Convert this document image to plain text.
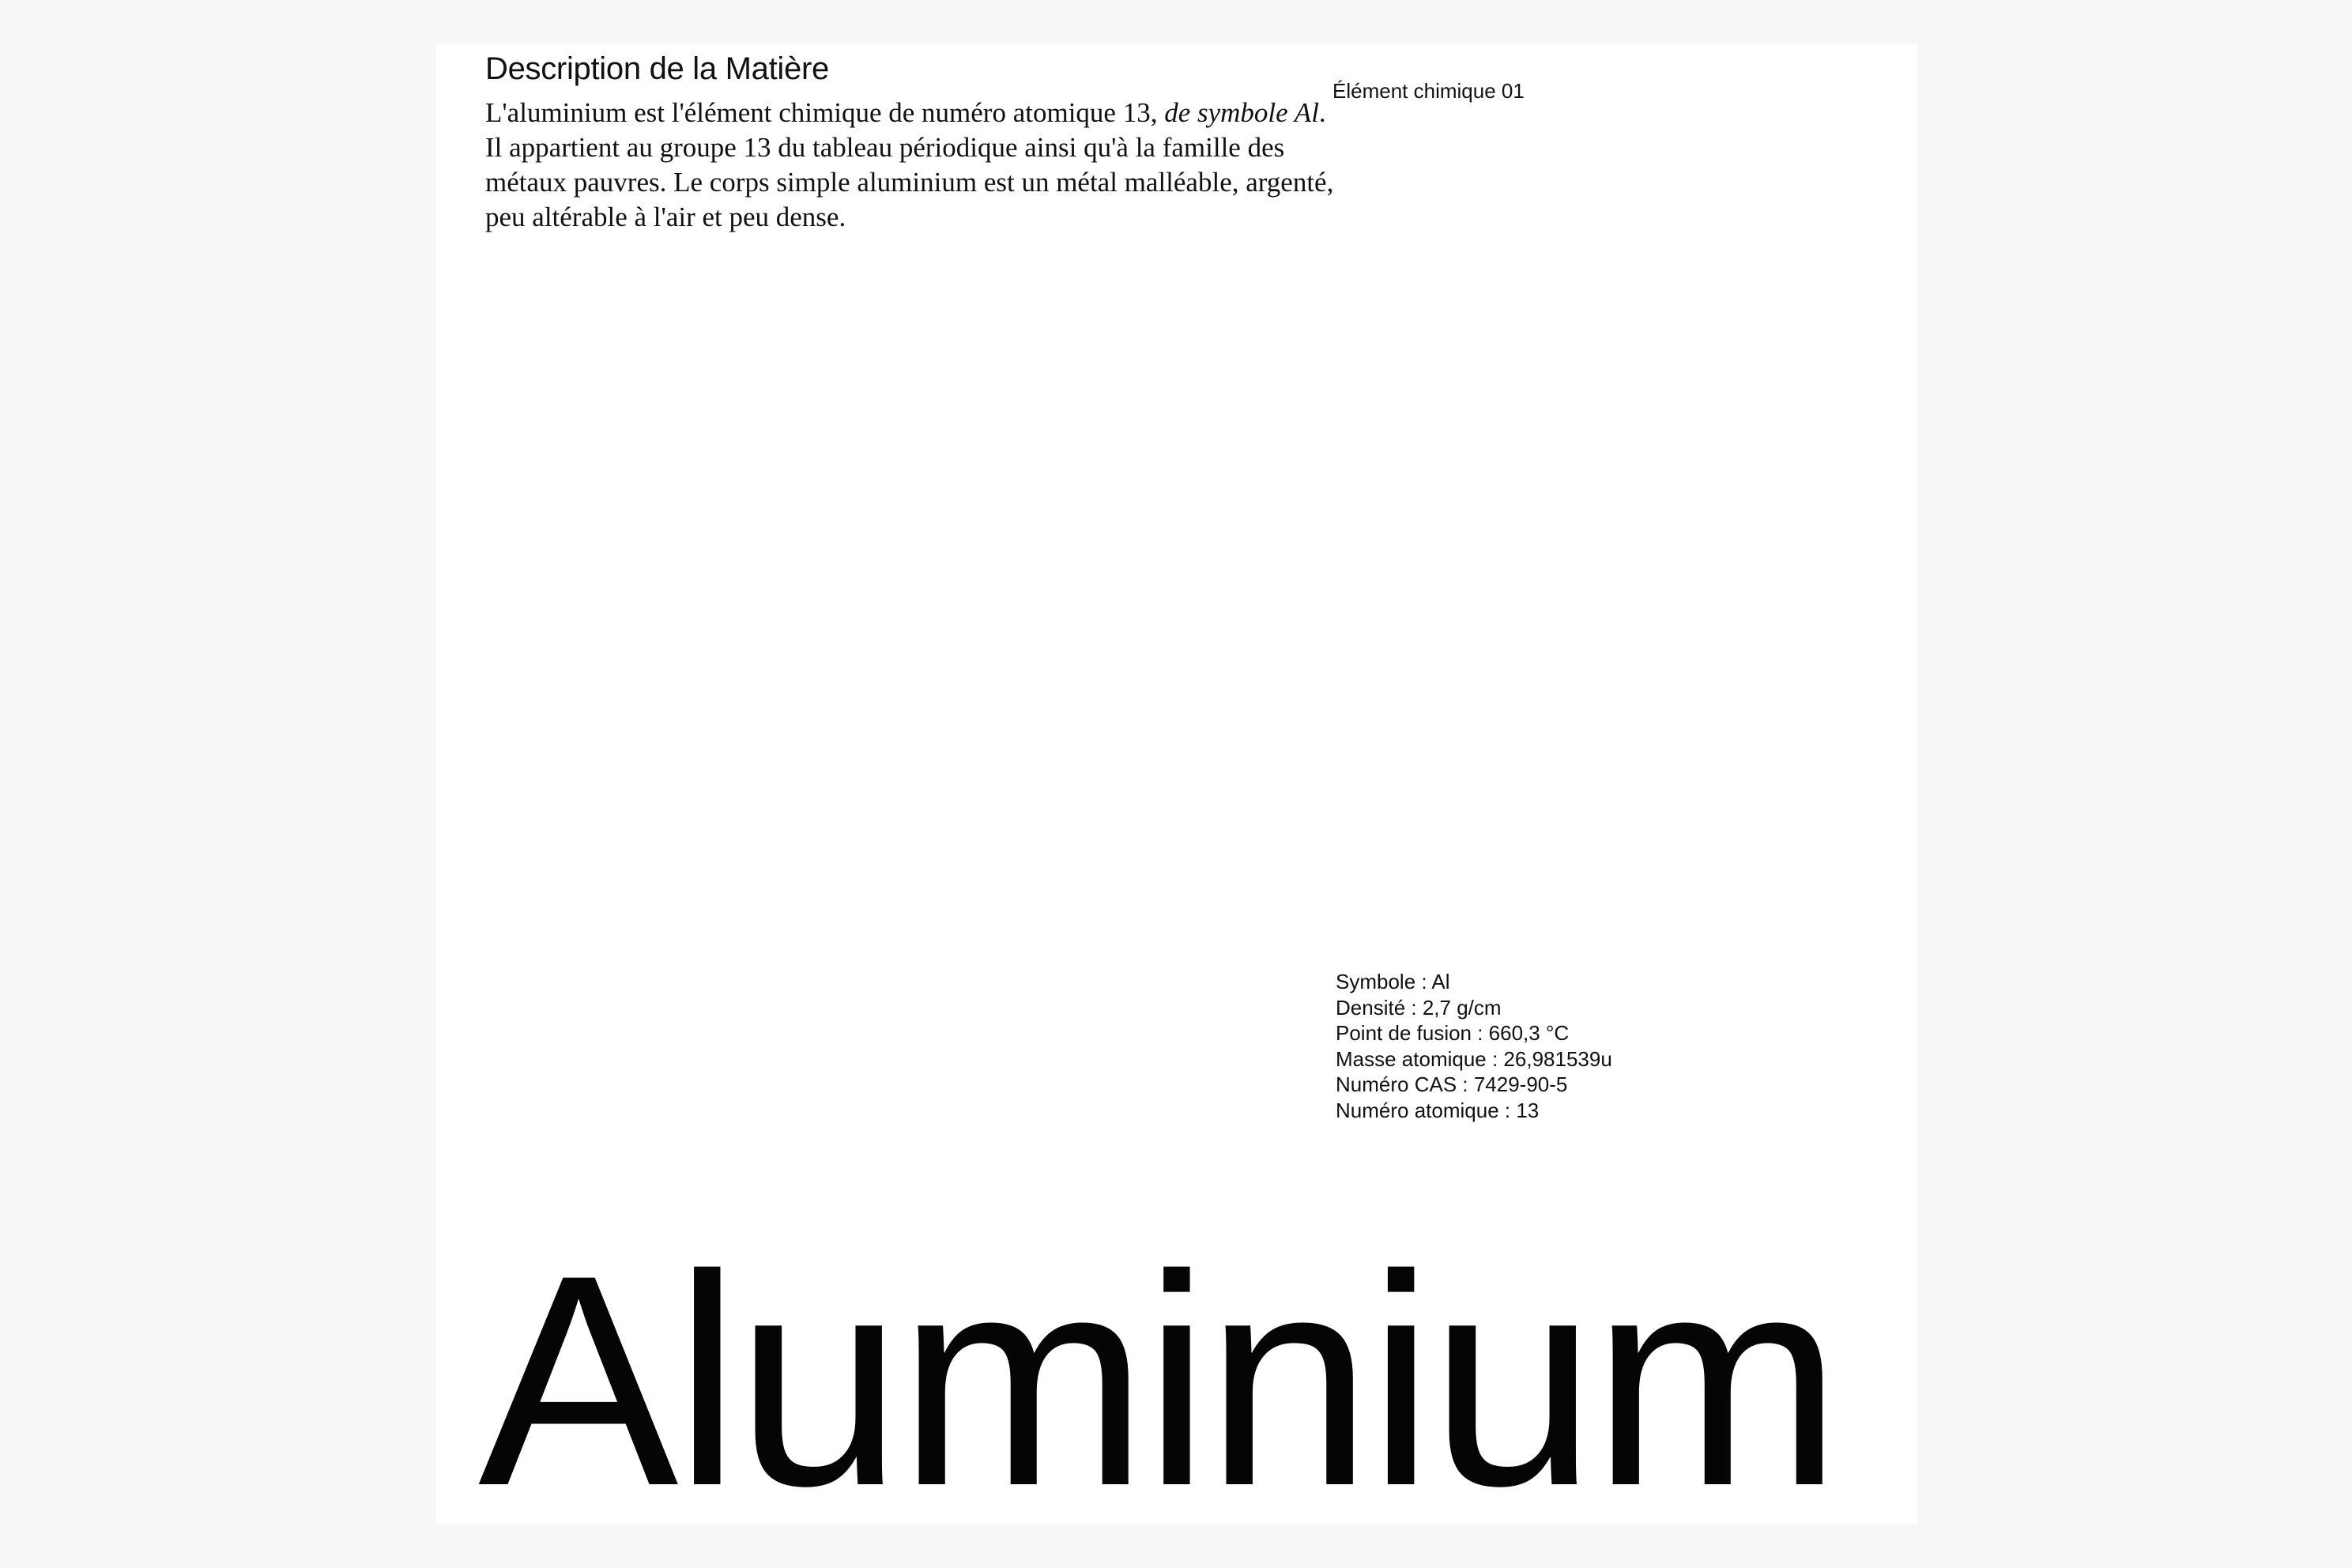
Description de la Matière

L'aluminium est l'élément chimique de numéro atomique 13, de symbole Al. Il appartient au groupe 13 du tableau périodique ainsi qu'à la famille des métaux pauvres. Le corps simple aluminium est un métal malléable, argenté, peu altérable à l'air et peu dense.

Élément chimique 01

Symbole : Al
Densité : 2,7 g/cm
Point de fusion : 660,3 °C
Masse atomique : 26,981539u
Numéro CAS : 7429-90-5
Numéro atomique : 13
Aluminium
